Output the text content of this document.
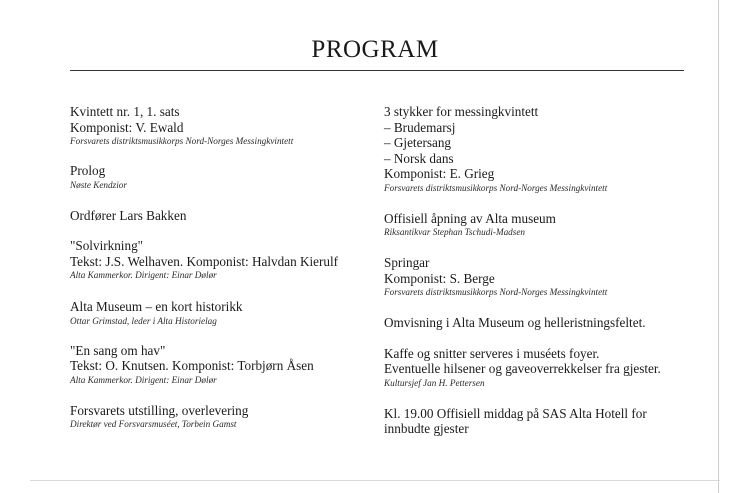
PROGRAM
Kvintett nr. 1, 1. sats
Komponist: V. Ewald
Forsvarets distriktsmusikkorps Nord-Norges Messingkvintett
Prolog
Nøste Kendzior
Ordfører Lars Bakken
"Solvirkning"
Tekst: J.S. Welhaven. Komponist: Halvdan Kierulf
Alta Kammerkor. Dirigent: Einar Dølør
Alta Museum – en kort historikk
Ottar Grimstad, leder i Alta Historielag
"En sang om hav"
Tekst: O. Knutsen. Komponist: Torbjørn Åsen
Alta Kammerkor. Dirigent: Einar Dølør
Forsvarets utstilling, overlevering
Direktør ved Forsvarsmuséet, Torbein Gamst
3 stykker for messingkvintett
– Brudemarsj
– Gjetersang
– Norsk dans
Komponist: E. Grieg
Forsvarets distriktsmusikkorps Nord-Norges Messingkvintett
Offisiell åpning av Alta museum
Riksantikvar Stephan Tschudi-Madsen
Springar
Komponist: S. Berge
Forsvarets distriktsmusikkorps Nord-Norges Messingkvintett
Omvisning i Alta Museum og helleristningsfeltet.
Kaffe og snitter serveres i muséets foyer.
Eventuelle hilsener og gaveoverrekkelser fra gjester.
Kultursjef Jan H. Pettersen
Kl. 19.00 Offisiell middag på SAS Alta Hotell for
innbudte gjester
